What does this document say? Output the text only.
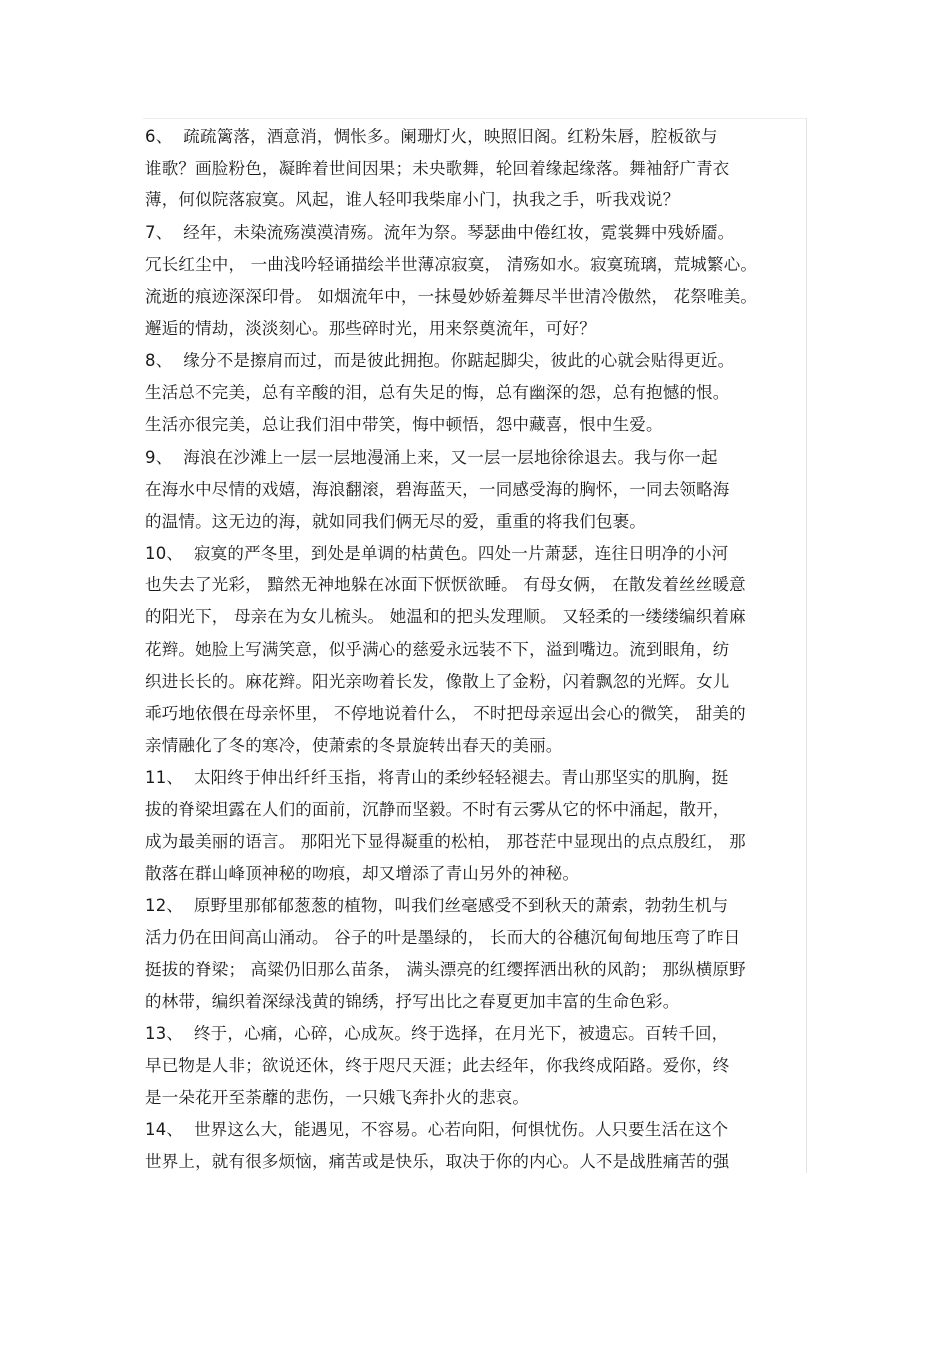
6、  疏疏篱落，酒意消，惆怅多。阑珊灯火，映照旧阁。红粉朱唇，腔板欲与
谁歌？画脸粉色，凝眸着世间因果；未央歌舞，轮回着缘起缘落。舞袖舒广青衣
薄，何似院落寂寞。风起，谁人轻叩我柴扉小门，执我之手，听我戏说？
7、  经年，未染流殇漠漠清殇。流年为祭。琴瑟曲中倦红妆，霓裳舞中残娇靥。
冗长红尘中， 一曲浅吟轻诵描绘半世薄凉寂寞， 清殇如水。寂寞琉璃，荒城繁心。
流逝的痕迹深深印骨。 如烟流年中，一抹曼妙娇羞舞尽半世清冷傲然， 花祭唯美。
邂逅的情劫，淡淡刻心。那些碎时光，用来祭奠流年，可好？
8、  缘分不是擦肩而过，而是彼此拥抱。你踮起脚尖，彼此的心就会贴得更近。
生活总不完美，总有辛酸的泪，总有失足的悔，总有幽深的怨，总有抱憾的恨。
生活亦很完美，总让我们泪中带笑，悔中顿悟，怨中藏喜，恨中生爱。
9、  海浪在沙滩上一层一层地漫涌上来，又一层一层地徐徐退去。我与你一起
在海水中尽情的戏嬉，海浪翻滚，碧海蓝天，一同感受海的胸怀，一同去领略海
的温情。这无边的海，就如同我们俩无尽的爱，重重的将我们包裹。
10、  寂寞的严冬里，到处是单调的枯黄色。四处一片萧瑟，连往日明净的小河
也失去了光彩， 黯然无神地躲在冰面下恹恹欲睡。 有母女俩， 在散发着丝丝暖意
的阳光下， 母亲在为女儿梳头。 她温和的把头发理顺。 又轻柔的一缕缕编织着麻
花辫。她脸上写满笑意，似乎满心的慈爱永远装不下，溢到嘴边。流到眼角，纺
织进长长的。麻花辫。阳光亲吻着长发，像散上了金粉，闪着飘忽的光辉。女儿
乖巧地依偎在母亲怀里， 不停地说着什么， 不时把母亲逗出会心的微笑， 甜美的
亲情融化了冬的寒冷，使萧索的冬景旋转出春天的美丽。
11、  太阳终于伸出纤纤玉指，将青山的柔纱轻轻褪去。青山那坚实的肌胸，挺
拔的脊梁坦露在人们的面前，沉静而坚毅。不时有云雾从它的怀中涌起，散开，
成为最美丽的语言。 那阳光下显得凝重的松柏， 那苍茫中显现出的点点殷红， 那
散落在群山峰顶神秘的吻痕，却又增添了青山另外的神秘。
12、  原野里那郁郁葱葱的植物，叫我们丝毫感受不到秋天的萧索，勃勃生机与
活力仍在田间高山涌动。 谷子的叶是墨绿的， 长而大的谷穗沉甸甸地压弯了昨日
挺拔的脊梁； 高粱仍旧那么苗条， 满头漂亮的红缨挥洒出秋的风韵； 那纵横原野
的林带，编织着深绿浅黄的锦绣，抒写出比之春夏更加丰富的生命色彩。
13、  终于，心痛，心碎，心成灰。终于选择，在月光下，被遗忘。百转千回，
早已物是人非；欲说还休，终于咫尺天涯；此去经年，你我终成陌路。爱你，终
是一朵花开至荼蘼的悲伤，一只娥飞奔扑火的悲哀。
14、  世界这么大，能遇见，不容易。心若向阳，何惧忧伤。人只要生活在这个
世界上，就有很多烦恼，痛苦或是快乐，取决于你的内心。人不是战胜痛苦的强
